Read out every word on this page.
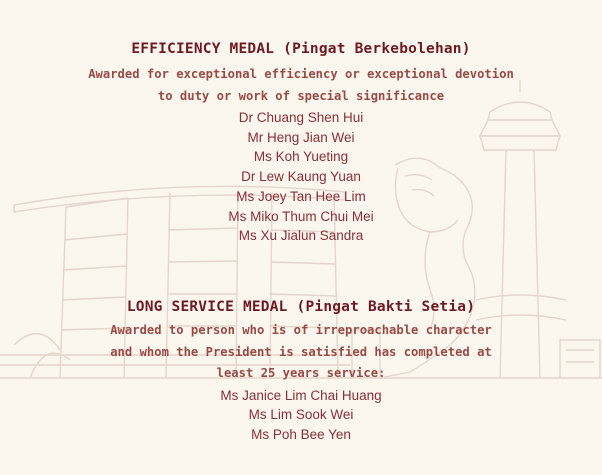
EFFICIENCY MEDAL (Pingat Berkebolehan)

Awarded for exceptional efficiency or exceptional devotion to duty or work of special significance

Dr Chuang Shen Hui
Mr Heng Jian Wei
Ms Koh Yueting
Dr Lew Kaung Yuan
Ms Joey Tan Hee Lim
Ms Miko Thum Chui Mei
Ms Xu Jialun Sandra
LONG SERVICE MEDAL (Pingat Bakti Setia)

Awarded to person who is of irreproachable character and whom the President is satisfied has completed at least 25 years service:

Ms Janice Lim Chai Huang
Ms Lim Sook Wei
Ms Poh Bee Yen
